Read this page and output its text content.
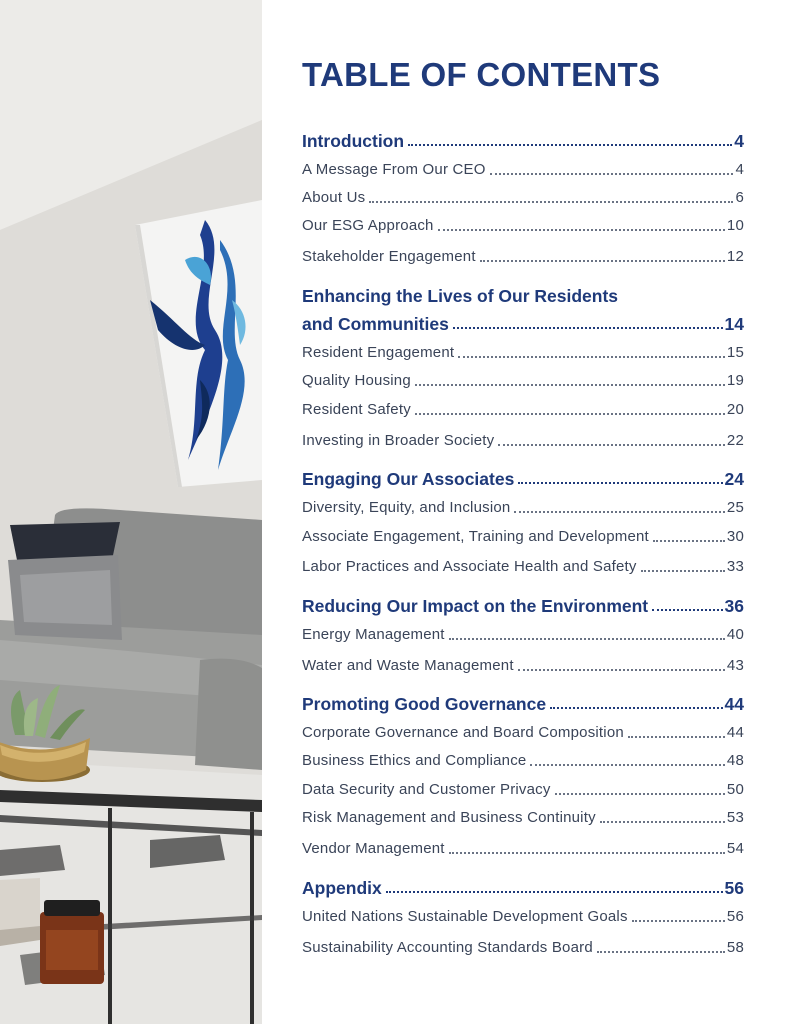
TABLE OF CONTENTS
Introduction	4
A Message From Our CEO	4
About Us	6
Our ESG Approach	10
Stakeholder Engagement	12
Enhancing the Lives of Our Residents
and Communities	14
Resident Engagement	15
Quality Housing	19
Resident Safety	20
Investing in Broader Society	22
Engaging Our Associates	24
Diversity, Equity, and Inclusion	25
Associate Engagement, Training and Development	30
Labor Practices and Associate Health and Safety	33
Reducing Our Impact on the Environment	36
Energy Management	40
Water and Waste Management	43
Promoting Good Governance	44
Corporate Governance and Board Composition	44
Business Ethics and Compliance	48
Data Security and Customer Privacy	50
Risk Management and Business Continuity	53
Vendor Management	54
Appendix	56
United Nations Sustainable Development Goals	56
Sustainability Accounting Standards Board	58
